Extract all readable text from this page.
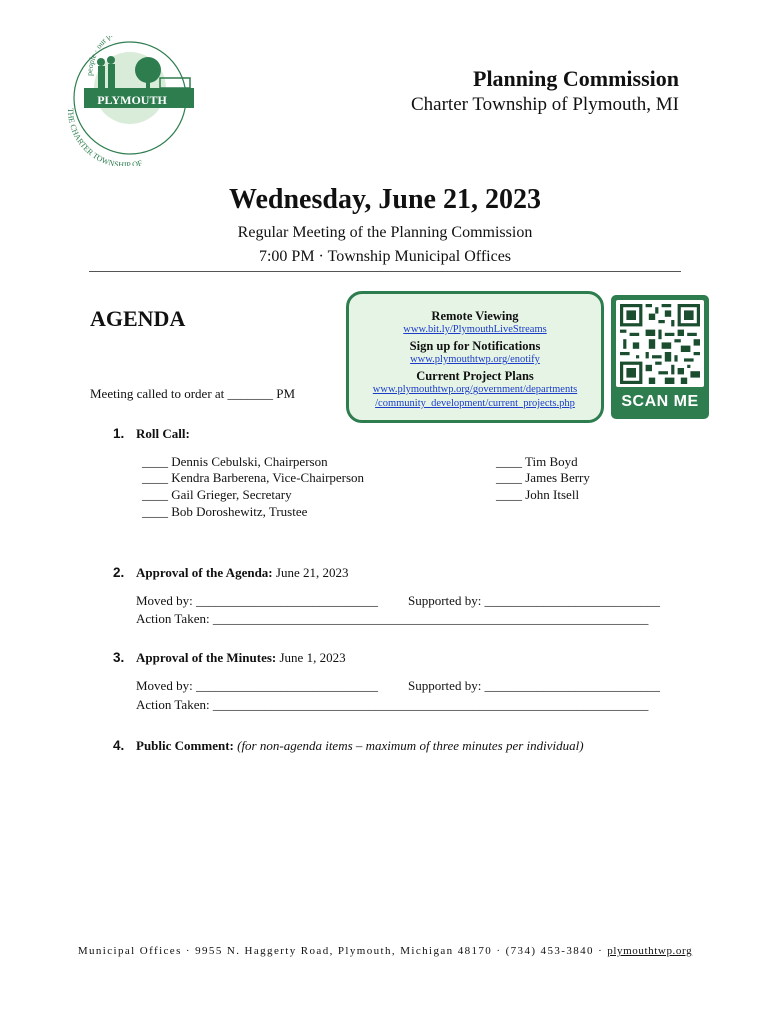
PLYMOUTH
people · our p
THE CHARTER TOWNSHIP OF
Planning Commission
Charter Township of Plymouth, MI
Wednesday, June 21, 2023
Regular Meeting of the Planning Commission
7:00 PM · Township Municipal Offices
AGENDA
Meeting called to order at _______ PM
Remote Viewing
www.bit.ly/PlymouthLiveStreams
Sign up for Notifications
www.plymouthtwp.org/enotify
Current Project Plans
www.plymouthtwp.org/government/departments
/community_development/current_projects.php	SCAN ME
1. Roll Call:
____ Dennis Cebulski, Chairperson
____ Kendra Barberena, Vice-Chairperson
____ Gail Grieger, Secretary
____ Bob Doroshewitz, Trustee
____ Tim Boyd
____ James Berry
____ John Itsell
2. Approval of the Agenda: June 21, 2023
Moved by: ____________________________ Supported by: ___________________________
Action Taken: ___________________________________________________________________
3. Approval of the Minutes: June 1, 2023
Moved by: ____________________________ Supported by: ___________________________
Action Taken: ___________________________________________________________________
4. Public Comment: (for non-agenda items – maximum of three minutes per individual)
Municipal Offices · 9955 N. Haggerty Road, Plymouth, Michigan 48170 · (734) 453-3840 · plymouthtwp.org
